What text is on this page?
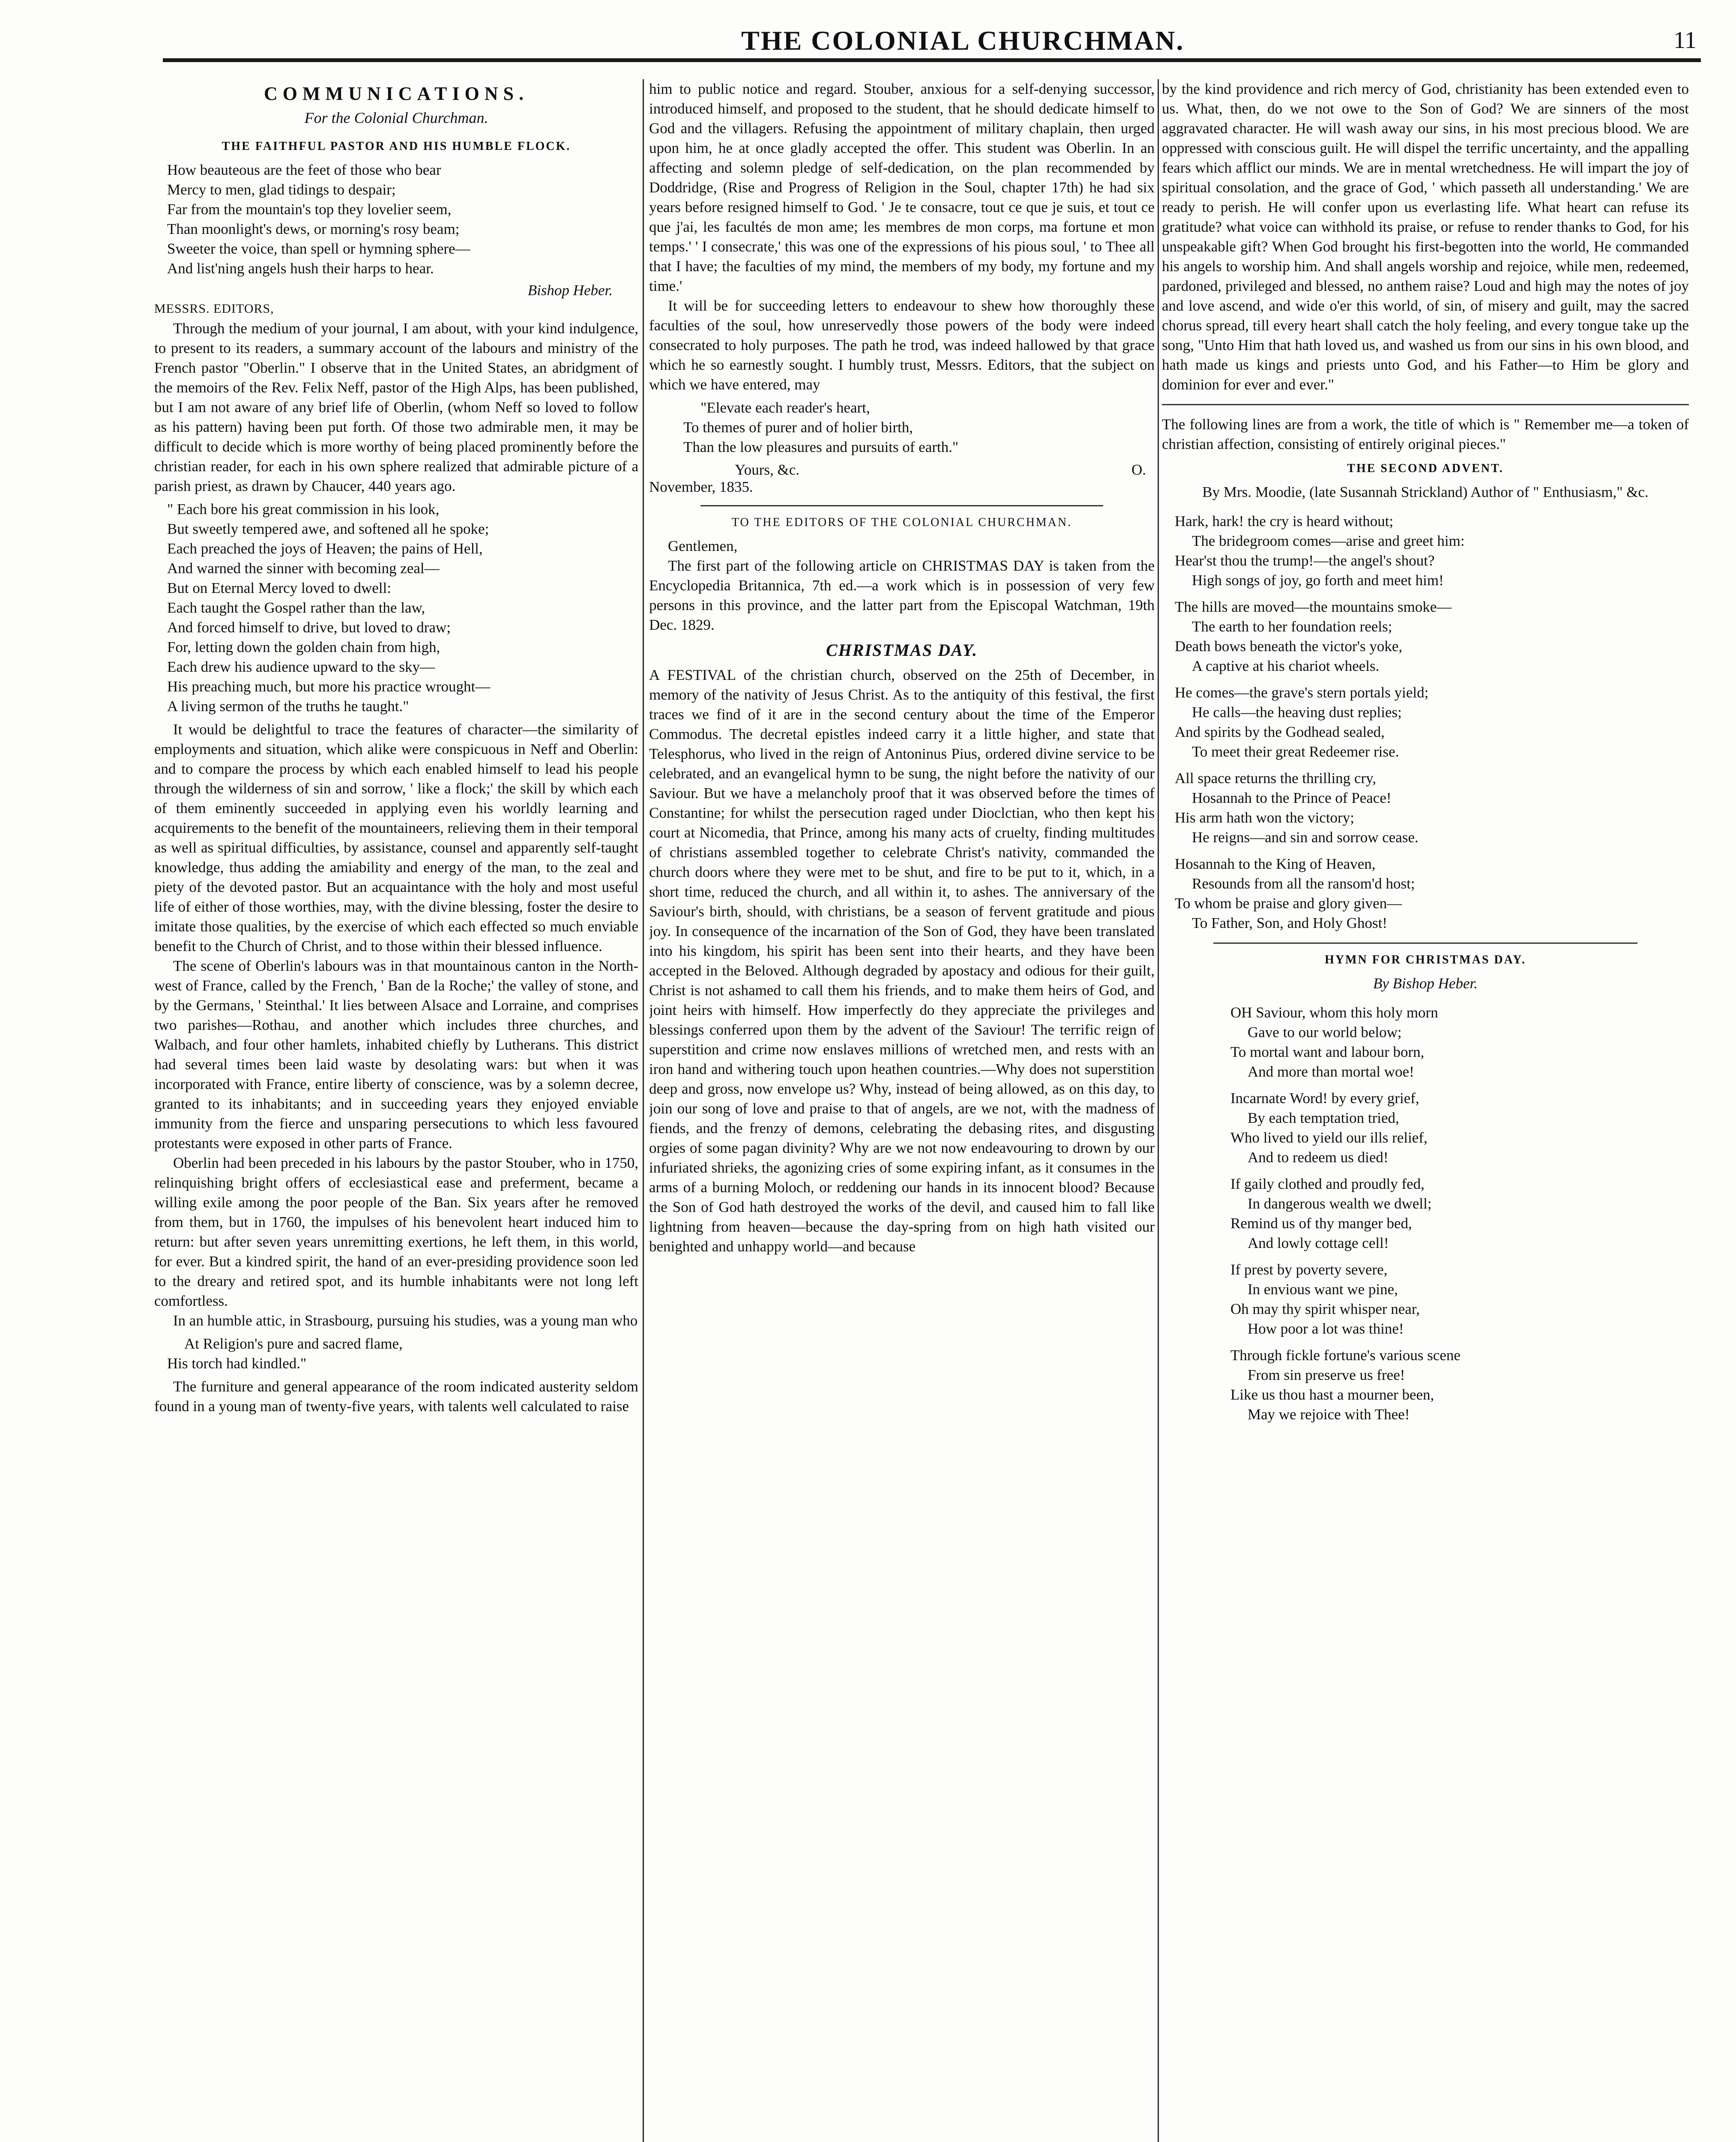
THE COLONIAL CHURCHMAN.	11
COMMUNICATIONS.
For the Colonial Churchman.
THE FAITHFUL PASTOR AND HIS HUMBLE FLOCK.
How beauteous are the feet of those who bear
Mercy to men, glad tidings to despair;
Far from the mountain's top they lovelier seem,
Than moonlight's dews, or morning's rosy beam;
Sweeter the voice, than spell or hymning sphere—
And list'ning angels hush their harps to hear.
Bishop Heber.
MESSRS. EDITORS,

Through the medium of your journal, I am about, with your kind indulgence, to present to its readers, a summary account of the labours and ministry of the French pastor "Oberlin." I observe that in the United States, an abridgment of the memoirs of the Rev. Felix Neff, pastor of the High Alps, has been published, but I am not aware of any brief life of Oberlin, (whom Neff so loved to follow as his pattern) having been put forth. Of those two admirable men, it may be difficult to decide which is more worthy of being placed prominently before the christian reader, for each in his own sphere realized that admirable picture of a parish priest, as drawn by Chaucer, 440 years ago.

" Each bore his great commission in his look,
But sweetly tempered awe, and softened all he spoke;
Each preached the joys of Heaven; the pains of Hell,
And warned the sinner with becoming zeal—
But on Eternal Mercy loved to dwell:
Each taught the Gospel rather than the law,
And forced himself to drive, but loved to draw;
For, letting down the golden chain from high,
Each drew his audience upward to the sky—
His preaching much, but more his practice wrought—
A living sermon of the truths he taught."

It would be delightful to trace the features of character—the similarity of employments and situation, which alike were conspicuous in Neff and Oberlin: and to compare the process by which each enabled himself to lead his people through the wilderness of sin and sorrow, ' like a flock;' the skill by which each of them eminently succeeded in applying even his worldly learning and acquirements to the benefit of the mountaineers, relieving them in their temporal as well as spiritual difficulties, by assistance, counsel and apparently self-taught knowledge, thus adding the amiability and energy of the man, to the zeal and piety of the devoted pastor. But an acquaintance with the holy and most useful life of either of those worthies, may, with the divine blessing, foster the desire to imitate those qualities, by the exercise of which each effected so much enviable benefit to the Church of Christ, and to those within their blessed influence.

The scene of Oberlin's labours was in that mountainous canton in the North-west of France, called by the French, ' Ban de la Roche;' the valley of stone, and by the Germans, ' Steinthal.' It lies between Alsace and Lorraine, and comprises two parishes—Rothau, and another which includes three churches, and Walbach, and four other hamlets, inhabited chiefly by Lutherans. This district had several times been laid waste by desolating wars: but when it was incorporated with France, entire liberty of conscience, was by a solemn decree, granted to its inhabitants; and in succeeding years they enjoyed enviable immunity from the fierce and unsparing persecutions to which less favoured protestants were exposed in other parts of France.

Oberlin had been preceded in his labours by the pastor Stouber, who in 1750, relinquishing bright offers of ecclesiastical ease and preferment, became a willing exile among the poor people of the Ban. Six years after he removed from them, but in 1760, the impulses of his benevolent heart induced him to return: but after seven years unremitting exertions, he left them, in this world, for ever. But a kindred spirit, the hand of an ever-presiding providence soon led to the dreary and retired spot, and its humble inhabitants were not long left comfortless.

In an humble attic, in Strasbourg, pursuing his studies, was a young man who

At Religion's pure and sacred flame,
His torch had kindled."

The furniture and general appearance of the room indicated austerity seldom found in a young man of twenty-five years, with talents well calculated to raise

him to public notice and regard. Stouber, anxious for a self-denying successor, introduced himself, and proposed to the student, that he should dedicate himself to God and the villagers. Refusing the appointment of military chaplain, then urged upon him, he at once gladly accepted the offer. This student was Oberlin. In an affecting and solemn pledge of self-dedication, on the plan recommended by Doddridge, (Rise and Progress of Religion in the Soul, chapter 17th) he had six years before resigned himself to God. ' Je te consacre, tout ce que je suis, et tout ce que j'ai, les facultés de mon ame; les membres de mon corps, ma fortune et mon temps.' ' I consecrate,' this was one of the expressions of his pious soul, ' to Thee all that I have; the faculties of my mind, the members of my body, my fortune and my time.'

It will be for succeeding letters to endeavour to shew how thoroughly these faculties of the soul, how unreservedly those powers of the body were indeed consecrated to holy purposes. The path he trod, was indeed hallowed by that grace which he so earnestly sought. I humbly trust, Messrs. Editors, that the subject on which we have entered, may

"Elevate each reader's heart,
To themes of purer and of holier birth,
Than the low pleasures and pursuits of earth."
Yours, &c.	O.
November, 1835.
TO THE EDITORS OF THE COLONIAL CHURCHMAN.

Gentlemen,

The first part of the following article on CHRISTMAS DAY is taken from the Encyclopedia Britannica, 7th ed.—a work which is in possession of very few persons in this province, and the latter part from the Episcopal Watchman, 19th Dec. 1829.

CHRISTMAS DAY.

A FESTIVAL of the christian church, observed on the 25th of December, in memory of the nativity of Jesus Christ. As to the antiquity of this festival, the first traces we find of it are in the second century about the time of the Emperor Commodus. The decretal epistles indeed carry it a little higher, and state that Telesphorus, who lived in the reign of Antoninus Pius, ordered divine service to be celebrated, and an evangelical hymn to be sung, the night before the nativity of our Saviour. But we have a melancholy proof that it was observed before the times of Constantine; for whilst the persecution raged under Dioclctian, who then kept his court at Nicomedia, that Prince, among his many acts of cruelty, finding multitudes of christians assembled together to celebrate Christ's nativity, commanded the church doors where they were met to be shut, and fire to be put to it, which, in a short time, reduced the church, and all within it, to ashes. The anniversary of the Saviour's birth, should, with christians, be a season of fervent gratitude and pious joy. In consequence of the incarnation of the Son of God, they have been translated into his kingdom, his spirit has been sent into their hearts, and they have been accepted in the Beloved. Although degraded by apostacy and odious for their guilt, Christ is not ashamed to call them his friends, and to make them heirs of God, and joint heirs with himself. How imperfectly do they appreciate the privileges and blessings conferred upon them by the advent of the Saviour! The terrific reign of superstition and crime now enslaves millions of wretched men, and rests with an iron hand and withering touch upon heathen countries.—Why does not superstition deep and gross, now envelope us? Why, instead of being allowed, as on this day, to join our song of love and praise to that of angels, are we not, with the madness of fiends, and the frenzy of demons, celebrating the debasing rites, and disgusting orgies of some pagan divinity? Why are we not now endeavouring to drown by our infuriated shrieks, the agonizing cries of some expiring infant, as it consumes in the arms of a burning Moloch, or reddening our hands in its innocent blood? Because the Son of God hath destroyed the works of the devil, and caused him to fall like lightning from heaven—because the day-spring from on high hath visited our benighted and unhappy world—and because

by the kind providence and rich mercy of God, christianity has been extended even to us. What, then, do we not owe to the Son of God? We are sinners of the most aggravated character. He will wash away our sins, in his most precious blood. We are oppressed with conscious guilt. He will dispel the terrific uncertainty, and the appalling fears which afflict our minds. We are in mental wretchedness. He will impart the joy of spiritual consolation, and the grace of God, ' which passeth all understanding.' We are ready to perish. He will confer upon us everlasting life. What heart can refuse its gratitude? what voice can withhold its praise, or refuse to render thanks to God, for his unspeakable gift? When God brought his first-begotten into the world, He commanded his angels to worship him. And shall angels worship and rejoice, while men, redeemed, pardoned, privileged and blessed, no anthem raise? Loud and high may the notes of joy and love ascend, and wide o'er this world, of sin, of misery and guilt, may the sacred chorus spread, till every heart shall catch the holy feeling, and every tongue take up the song, "Unto Him that hath loved us, and washed us from our sins in his own blood, and hath made us kings and priests unto God, and his Father—to Him be glory and dominion for ever and ever."

The following lines are from a work, the title of which is " Remember me—a token of christian affection, consisting of entirely original pieces."

THE SECOND ADVENT.
By Mrs. Moodie, (late Susannah Strickland) Author of " Enthusiasm," &c.
Hark, hark! the cry is heard without;
The bridegroom comes—arise and greet him:
Hear'st thou the trump!—the angel's shout?
High songs of joy, go forth and meet him!
The hills are moved—the mountains smoke—
The earth to her foundation reels;
Death bows beneath the victor's yoke,
A captive at his chariot wheels.
He comes—the grave's stern portals yield;
He calls—the heaving dust replies;
And spirits by the Godhead sealed,
To meet their great Redeemer rise.
All space returns the thrilling cry,
Hosannah to the Prince of Peace!
His arm hath won the victory;
He reigns—and sin and sorrow cease.
Hosannah to the King of Heaven,
Resounds from all the ransom'd host;
To whom be praise and glory given—
To Father, Son, and Holy Ghost!
HYMN FOR CHRISTMAS DAY.
By Bishop Heber.
OH Saviour, whom this holy morn
Gave to our world below;
To mortal want and labour born,
And more than mortal woe!
Incarnate Word! by every grief,
By each temptation tried,
Who lived to yield our ills relief,
And to redeem us died!
If gaily clothed and proudly fed,
In dangerous wealth we dwell;
Remind us of thy manger bed,
And lowly cottage cell!
If prest by poverty severe,
In envious want we pine,
Oh may thy spirit whisper near,
How poor a lot was thine!
Through fickle fortune's various scene
From sin preserve us free!
Like us thou hast a mourner been,
May we rejoice with Thee!
